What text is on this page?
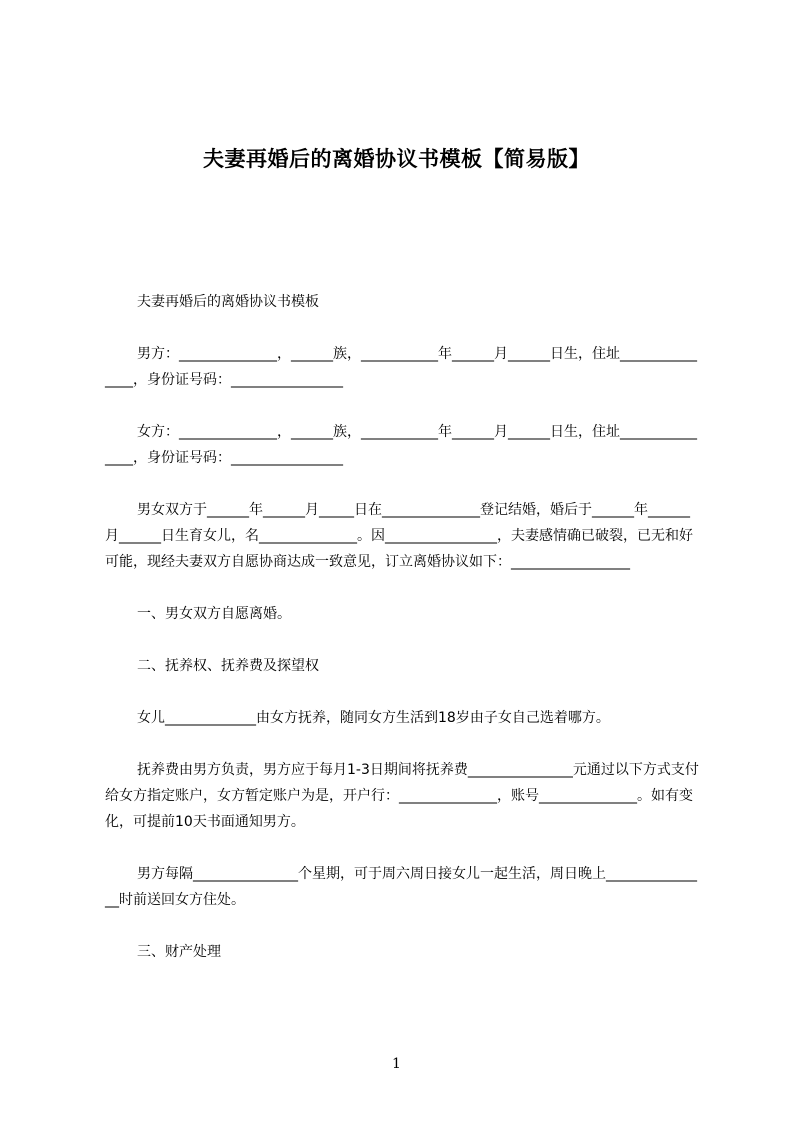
夫妻再婚后的离婚协议书模板【简易版】

夫妻再婚后的离婚协议书模板

男方：______________，______族，___________年______月______日生，住址_______________，身份证号码：________________

女方：______________，______族，___________年______月______日生，住址_______________，身份证号码：________________

男女双方于______年______月_____日在______________登记结婚，婚后于______年______月______日生育女儿，名______________。因________________，夫妻感情确已破裂，已无和好可能，现经夫妻双方自愿协商达成一致意见，订立离婚协议如下：_________________

一、男女双方自愿离婚。

二、抚养权、抚养费及探望权

女儿_____________由女方抚养，随同女方生活到18岁由子女自己选着哪方。

抚养费由男方负责，男方应于每月1-3日期间将抚养费_______________元通过以下方式支付给女方指定账户，女方暂定账户为是，开户行：______________，账号______________。如有变化，可提前10天书面通知男方。

男方每隔_______________个星期，可于周六周日接女儿一起生活，周日晚上_______________时前送回女方住处。

三、财产处理

1
